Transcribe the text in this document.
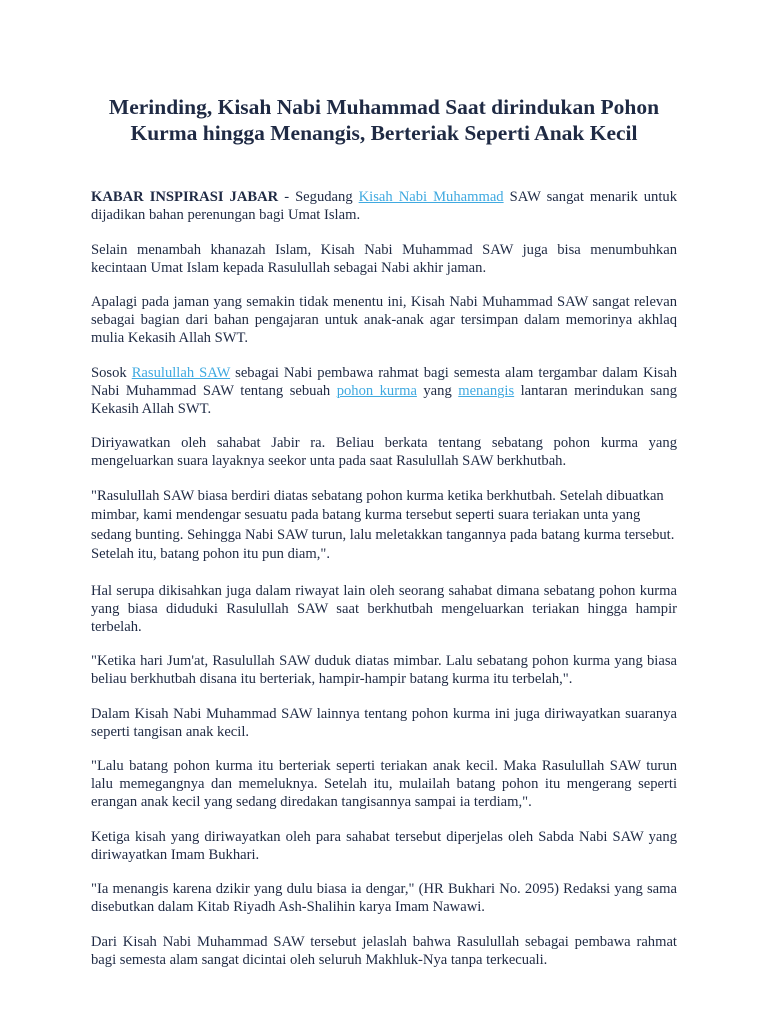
Merinding, Kisah Nabi Muhammad Saat dirindukan Pohon Kurma hingga Menangis, Berteriak Seperti Anak Kecil

KABAR INSPIRASI JABAR - Segudang Kisah Nabi Muhammad SAW sangat menarik untuk dijadikan bahan perenungan bagi Umat Islam.

Selain menambah khanazah Islam, Kisah Nabi Muhammad SAW juga bisa menumbuhkan kecintaan Umat Islam kepada Rasulullah sebagai Nabi akhir jaman.

Apalagi pada jaman yang semakin tidak menentu ini, Kisah Nabi Muhammad SAW sangat relevan sebagai bagian dari bahan pengajaran untuk anak-anak agar tersimpan dalam memorinya akhlaq mulia Kekasih Allah SWT.

Sosok Rasulullah SAW sebagai Nabi pembawa rahmat bagi semesta alam tergambar dalam Kisah Nabi Muhammad SAW tentang sebuah pohon kurma yang menangis lantaran merindukan sang Kekasih Allah SWT.

Diriyawatkan oleh sahabat Jabir ra. Beliau berkata tentang sebatang pohon kurma yang mengeluarkan suara layaknya seekor unta pada saat Rasulullah SAW berkhutbah.

"Rasulullah SAW biasa berdiri diatas sebatang pohon kurma ketika berkhutbah. Setelah dibuatkan mimbar, kami mendengar sesuatu pada batang kurma tersebut seperti suara teriakan unta yang sedang bunting. Sehingga Nabi SAW turun, lalu meletakkan tangannya pada batang kurma tersebut. Setelah itu, batang pohon itu pun diam,".

Hal serupa dikisahkan juga dalam riwayat lain oleh seorang sahabat dimana sebatang pohon kurma yang biasa diduduki Rasulullah SAW saat berkhutbah mengeluarkan teriakan hingga hampir terbelah.

"Ketika hari Jum'at, Rasulullah SAW duduk diatas mimbar. Lalu sebatang pohon kurma yang biasa beliau berkhutbah disana itu berteriak, hampir-hampir batang kurma itu terbelah,".

Dalam Kisah Nabi Muhammad SAW lainnya tentang pohon kurma ini juga diriwayatkan suaranya seperti tangisan anak kecil.

"Lalu batang pohon kurma itu berteriak seperti teriakan anak kecil. Maka Rasulullah SAW turun lalu memegangnya dan memeluknya. Setelah itu, mulailah batang pohon itu mengerang seperti erangan anak kecil yang sedang diredakan tangisannya sampai ia terdiam,".

Ketiga kisah yang diriwayatkan oleh para sahabat tersebut diperjelas oleh Sabda Nabi SAW yang diriwayatkan Imam Bukhari.

"Ia menangis karena dzikir yang dulu biasa ia dengar," (HR Bukhari No. 2095) Redaksi yang sama disebutkan dalam Kitab Riyadh Ash-Shalihin karya Imam Nawawi.

Dari Kisah Nabi Muhammad SAW tersebut jelaslah bahwa Rasulullah sebagai pembawa rahmat bagi semesta alam sangat dicintai oleh seluruh Makhluk-Nya tanpa terkecuali.
